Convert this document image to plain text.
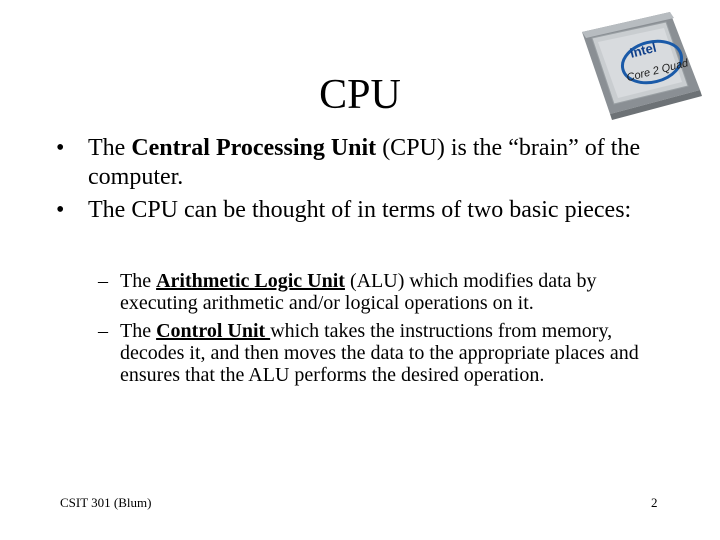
CPU
intel
Core 2 Quad
• The Central Processing Unit (CPU) is the “brain” of the computer.
• The CPU can be thought of in terms of two basic pieces:
– The Arithmetic Logic Unit (ALU) which modifies data by executing arithmetic and/or logical operations on it.
– The Control Unit which takes the instructions from memory, decodes it, and then moves the data to the appropriate places and ensures that the ALU performs the desired operation.
CSIT 301 (Blum)	2
